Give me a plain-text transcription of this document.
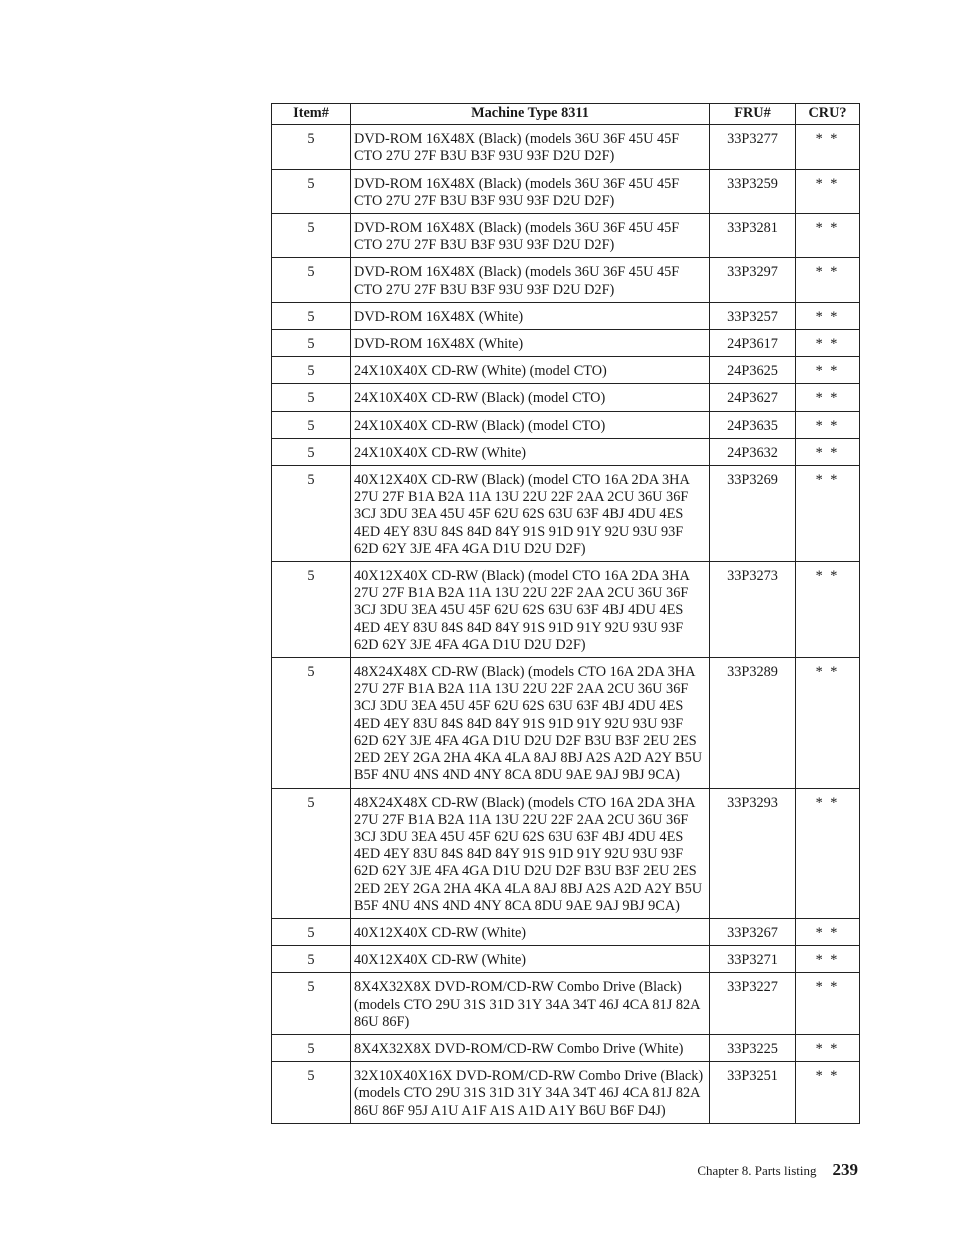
Item#	Machine Type 8311	FRU#	CRU?
5	DVD-ROM 16X48X (Black) (models 36U 36F 45U 45F CTO 27U 27F B3U B3F 93U 93F D2U D2F)	33P3277	* *
5	DVD-ROM 16X48X (Black) (models 36U 36F 45U 45F CTO 27U 27F B3U B3F 93U 93F D2U D2F)	33P3259	* *
5	DVD-ROM 16X48X (Black) (models 36U 36F 45U 45F CTO 27U 27F B3U B3F 93U 93F D2U D2F)	33P3281	* *
5	DVD-ROM 16X48X (Black) (models 36U 36F 45U 45F CTO 27U 27F B3U B3F 93U 93F D2U D2F)	33P3297	* *
5	DVD-ROM 16X48X (White)	33P3257	* *
5	DVD-ROM 16X48X (White)	24P3617	* *
5	24X10X40X CD-RW (White) (model CTO)	24P3625	* *
5	24X10X40X CD-RW (Black) (model CTO)	24P3627	* *
5	24X10X40X CD-RW (Black) (model CTO)	24P3635	* *
5	24X10X40X CD-RW (White)	24P3632	* *
5	40X12X40X CD-RW (Black) (model CTO 16A 2DA 3HA 27U 27F B1A B2A 11A 13U 22U 22F 2AA 2CU 36U 36F 3CJ 3DU 3EA 45U 45F 62U 62S 63U 63F 4BJ 4DU 4ES 4ED 4EY 83U 84S 84D 84Y 91S 91D 91Y 92U 93U 93F 62D 62Y 3JE 4FA 4GA D1U D2U D2F)	33P3269	* *
5	40X12X40X CD-RW (Black) (model CTO 16A 2DA 3HA 27U 27F B1A B2A 11A 13U 22U 22F 2AA 2CU 36U 36F 3CJ 3DU 3EA 45U 45F 62U 62S 63U 63F 4BJ 4DU 4ES 4ED 4EY 83U 84S 84D 84Y 91S 91D 91Y 92U 93U 93F 62D 62Y 3JE 4FA 4GA D1U D2U D2F)	33P3273	* *
5	48X24X48X CD-RW (Black) (models CTO 16A 2DA 3HA 27U 27F B1A B2A 11A 13U 22U 22F 2AA 2CU 36U 36F 3CJ 3DU 3EA 45U 45F 62U 62S 63U 63F 4BJ 4DU 4ES 4ED 4EY 83U 84S 84D 84Y 91S 91D 91Y 92U 93U 93F 62D 62Y 3JE 4FA 4GA D1U D2U D2F B3U B3F 2EU 2ES 2ED 2EY 2GA 2HA 4KA 4LA 8AJ 8BJ A2S A2D A2Y B5U B5F 4NU 4NS 4ND 4NY 8CA 8DU 9AE 9AJ 9BJ 9CA)	33P3289	* *
5	48X24X48X CD-RW (Black) (models CTO 16A 2DA 3HA 27U 27F B1A B2A 11A 13U 22U 22F 2AA 2CU 36U 36F 3CJ 3DU 3EA 45U 45F 62U 62S 63U 63F 4BJ 4DU 4ES 4ED 4EY 83U 84S 84D 84Y 91S 91D 91Y 92U 93U 93F 62D 62Y 3JE 4FA 4GA D1U D2U D2F B3U B3F 2EU 2ES 2ED 2EY 2GA 2HA 4KA 4LA 8AJ 8BJ A2S A2D A2Y B5U B5F 4NU 4NS 4ND 4NY 8CA 8DU 9AE 9AJ 9BJ 9CA)	33P3293	* *
5	40X12X40X CD-RW (White)	33P3267	* *
5	40X12X40X CD-RW (White)	33P3271	* *
5	8X4X32X8X DVD-ROM/CD-RW Combo Drive (Black) (models CTO 29U 31S 31D 31Y 34A 34T 46J 4CA 81J 82A 86U 86F)	33P3227	* *
5	8X4X32X8X DVD-ROM/CD-RW Combo Drive (White)	33P3225	* *
5	32X10X40X16X DVD-ROM/CD-RW Combo Drive (Black) (models CTO 29U 31S 31D 31Y 34A 34T 46J 4CA 81J 82A 86U 86F 95J A1U A1F A1S A1D A1Y B6U B6F D4J)	33P3251	* *
Chapter 8. Parts listing 239
